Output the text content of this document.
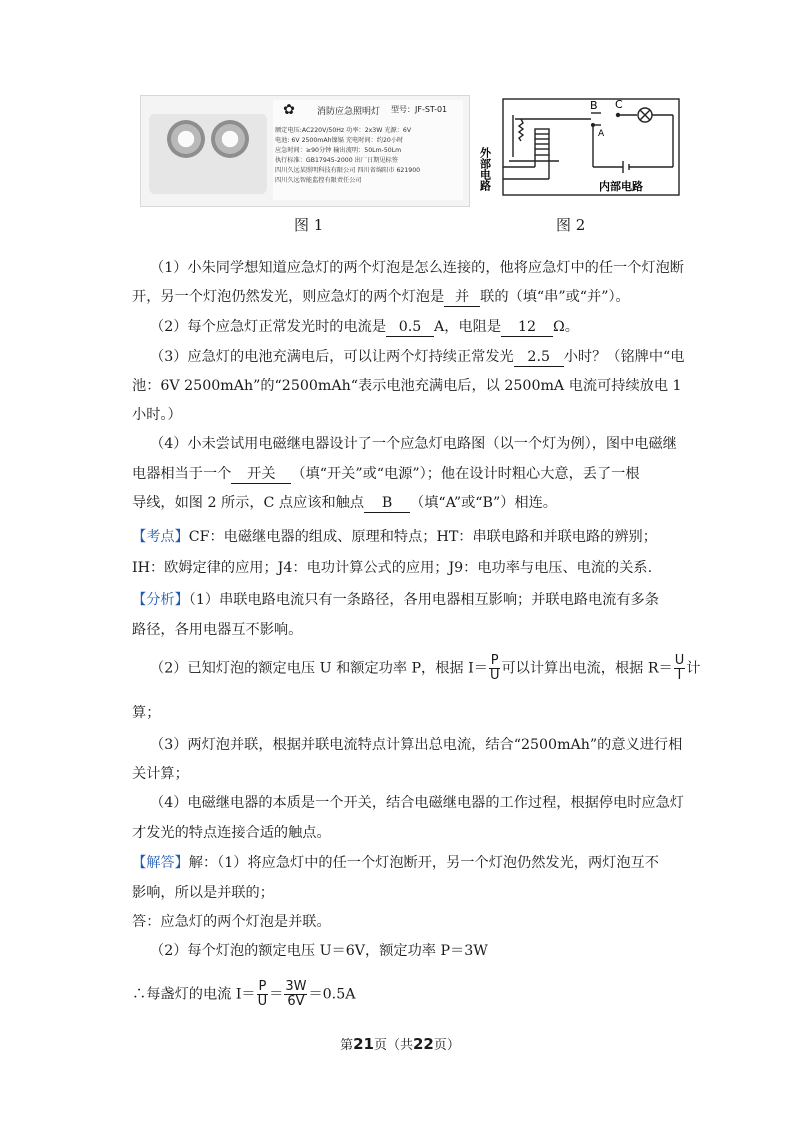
✿	消防应急照明灯 型号：JF-ST-01
额定电压:AC220V/50Hz 功率：2x3W 光源：6V
电池: 6V 2500mAh镍镉 充电时间：约20小时
应急时间：≥90分钟 输出流明：50Lm-50Lm
执行标准：GB17945-2000 出厂日期见标签
四川久远某照明科技有限公司 四川省绵阳市 621900
四川久远智能监控有限责任公司
B C
A
外部电路	内部电路
图 1	图 2
（1）小朱同学想知道应急灯的两个灯泡是怎么连接的，他将应急灯中的任一个灯泡断
开，另一个灯泡仍然发光，则应急灯的两个灯泡是 并 联的（填“串”或“并”）。
（2）每个应急灯正常发光时的电流是 0.5 A，电阻是 12 Ω。
（3）应急灯的电池充满电后，可以让两个灯持续正常发光 2.5 小时？（铭牌中“电
池：6V 2500mAh”的“2500mAh“表示电池充满电后，以 2500mA 电流可持续放电 1
小时。）
（4）小未尝试用电磁继电器设计了一个应急灯电路图（以一个灯为例），图中电磁继
电器相当于一个 开关 （填“开关”或“电源”）；他在设计时粗心大意，丢了一根
导线，如图 2 所示，C 点应该和触点 B （填“A”或“B”）相连。
【考点】CF：电磁继电器的组成、原理和特点；HT：串联电路和并联电路的辨别；
IH：欧姆定律的应用；J4：电功计算公式的应用；J9：电功率与电压、电流的关系.
【分析】（1）串联电路电流只有一条路径，各用电器相互影响；并联电路电流有多条
路径，各用电器互不影响。
（2）已知灯泡的额定电压 U 和额定功率 P，根据 $I= \frac{P}{U}$ 可以计算出电流，根据 $R= \frac{U}{I}$ 计
算；
（3）两灯泡并联，根据并联电流特点计算出总电流，结合“2500mAh”的意义进行相
关计算；
（4）电磁继电器的本质是一个开关，结合电磁继电器的工作过程，根据停电时应急灯
才发光的特点连接合适的触点。
【解答】解：（1）将应急灯中的任一个灯泡断开，另一个灯泡仍然发光，两灯泡互不
影响，所以是并联的；
答：应急灯的两个灯泡是并联。
（2）每个灯泡的额定电压 U＝6V，额定功率 P＝3W
∴每盏灯的电流 $I= \frac{P}{U} = \frac{3W}{6V} =0.5A$
第21页（共22页）
